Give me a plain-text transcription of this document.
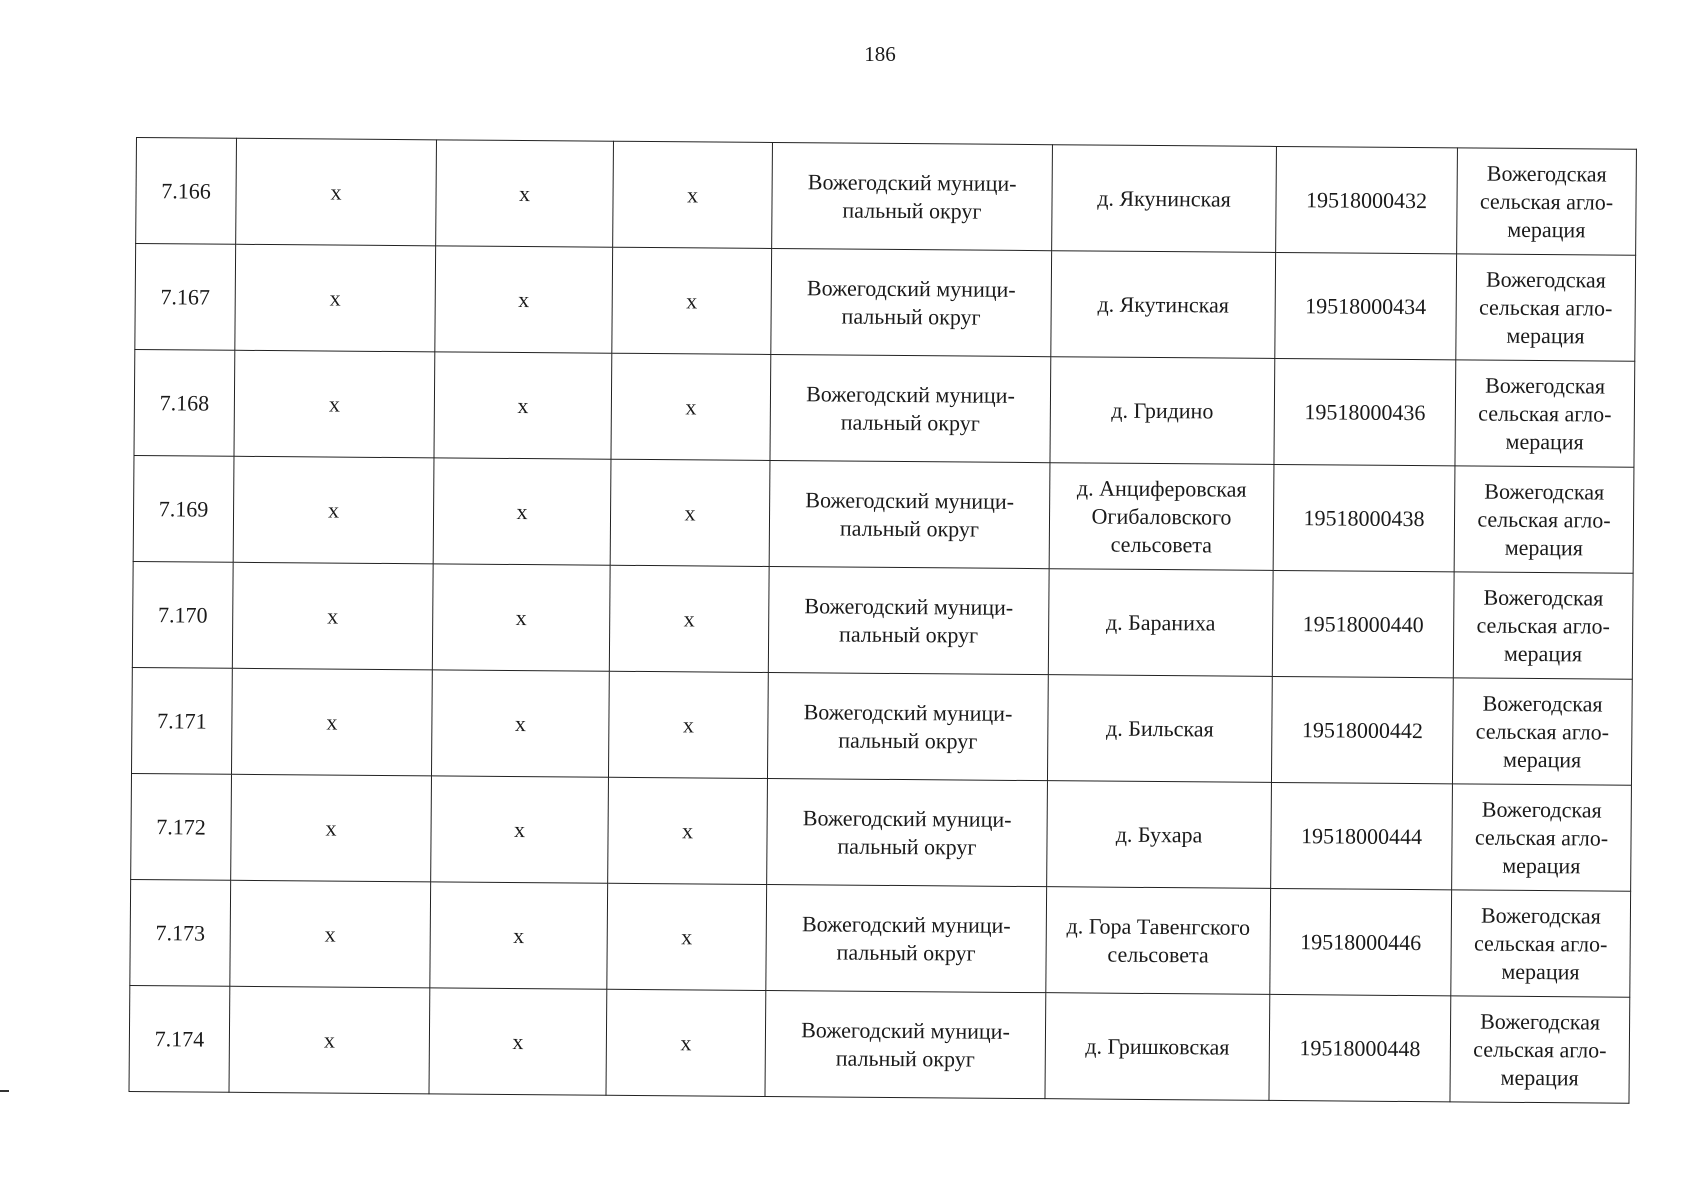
186
7.166	х	х	х	Вожегодский муници-
пальный округ	д. Якунинская	19518000432	Вожегодская
сельская агло-
мерация
7.167	х	х	х	Вожегодский муници-
пальный округ	д. Якутинская	19518000434	Вожегодская
сельская агло-
мерация
7.168	х	х	х	Вожегодский муници-
пальный округ	д. Гридино	19518000436	Вожегодская
сельская агло-
мерация
7.169	х	х	х	Вожегодский муници-
пальный округ	д. Анциферовская
Огибаловского
сельсовета	19518000438	Вожегодская
сельская агло-
мерация
7.170	х	х	х	Вожегодский муници-
пальный округ	д. Бараниха	19518000440	Вожегодская
сельская агло-
мерация
7.171	х	х	х	Вожегодский муници-
пальный округ	д. Бильская	19518000442	Вожегодская
сельская агло-
мерация
7.172	х	х	х	Вожегодский муници-
пальный округ	д. Бухара	19518000444	Вожегодская
сельская агло-
мерация
7.173	х	х	х	Вожегодский муници-
пальный округ	д. Гора Тавенгского
сельсовета	19518000446	Вожегодская
сельская агло-
мерация
7.174	х	х	х	Вожегодский муници-
пальный округ	д. Гришковская	19518000448	Вожегодская
сельская агло-
мерация
